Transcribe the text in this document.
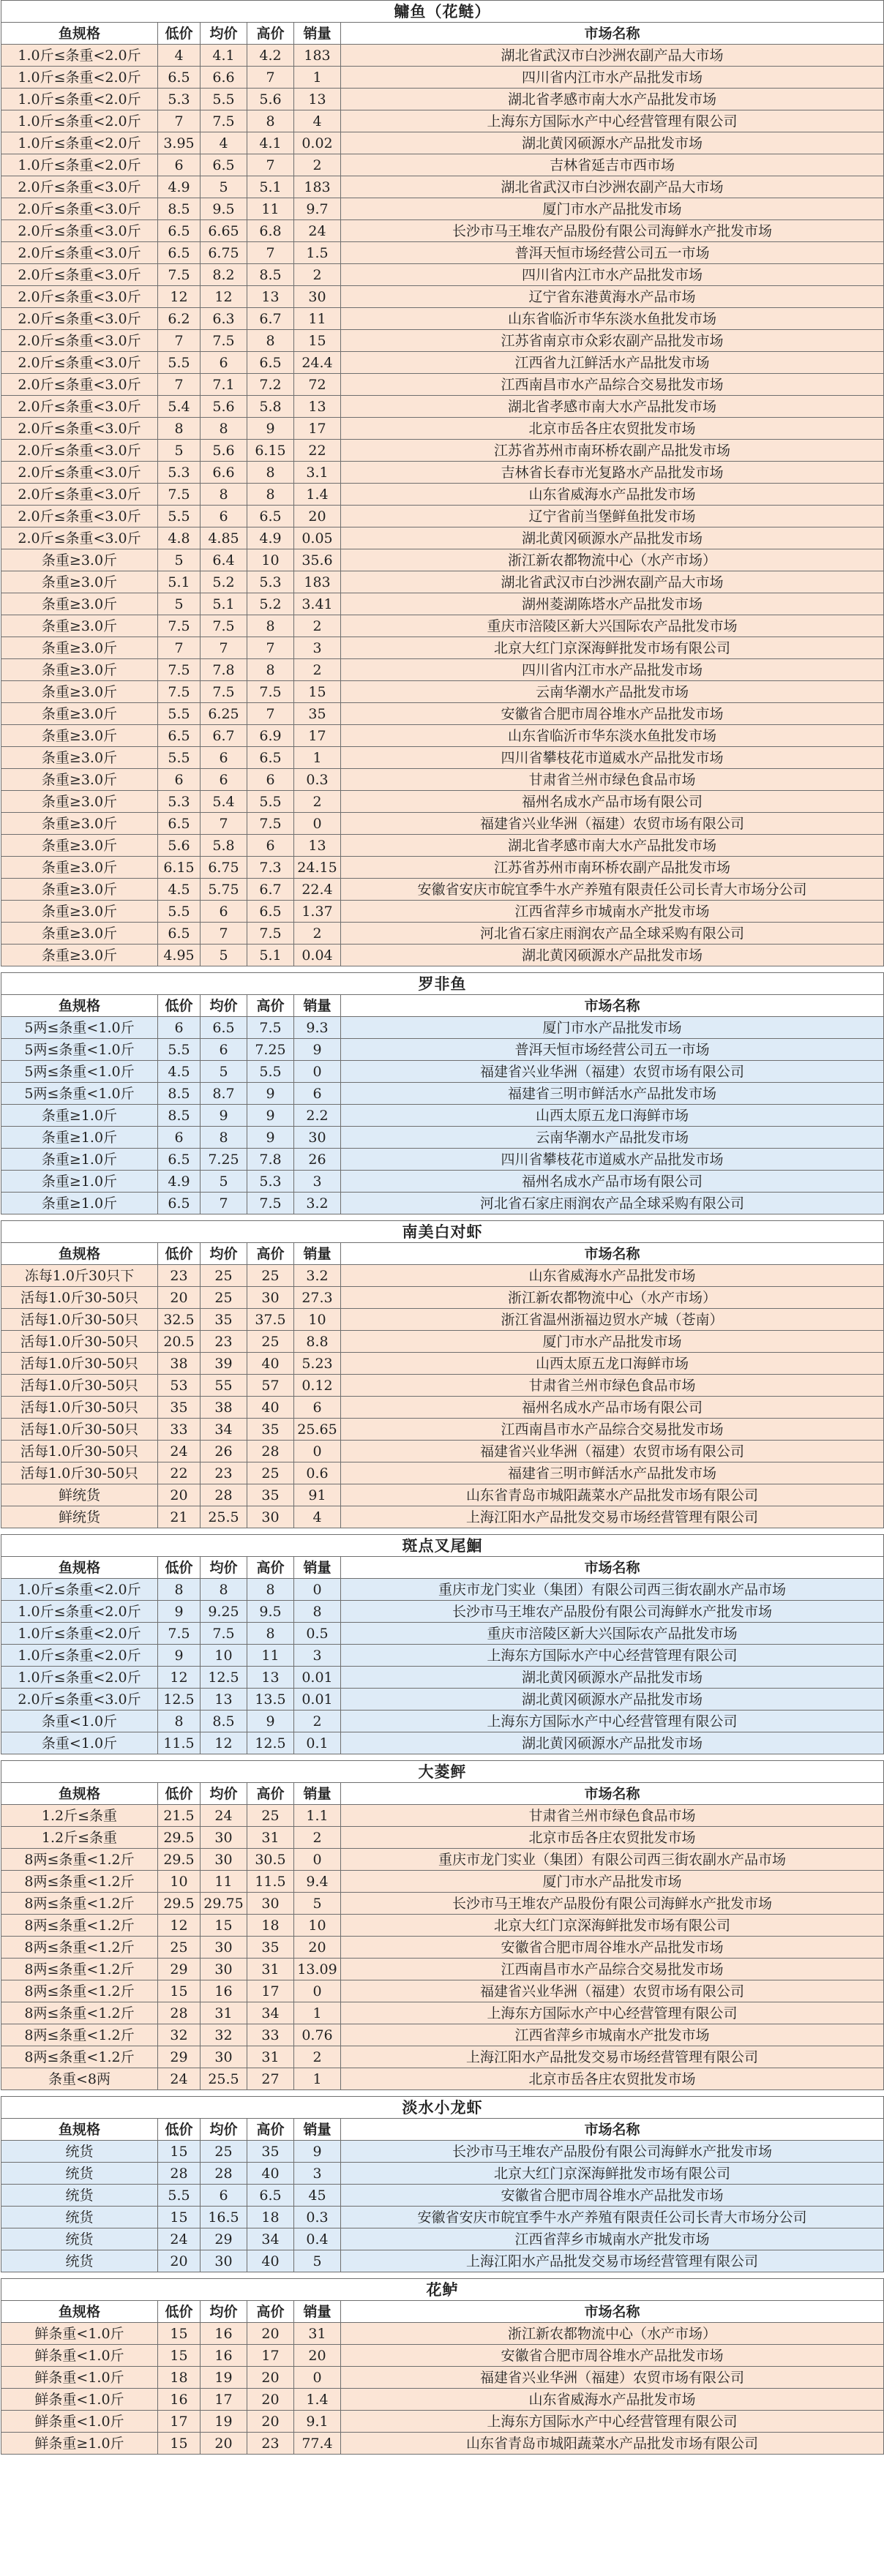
鳙鱼（花鲢）					
鱼规格	低价	均价	高价	销量	市场名称
1.0斤≤条重<2.0斤	4	4.1	4.2	183	湖北省武汉市白沙洲农副产品大市场
1.0斤≤条重<2.0斤	6.5	6.6	7	1	四川省内江市水产品批发市场
1.0斤≤条重<2.0斤	5.3	5.5	5.6	13	湖北省孝感市南大水产品批发市场
1.0斤≤条重<2.0斤	7	7.5	8	4	上海东方国际水产中心经营管理有限公司
1.0斤≤条重<2.0斤	3.95	4	4.1	0.02	湖北黄冈硕源水产品批发市场
1.0斤≤条重<2.0斤	6	6.5	7	2	吉林省延吉市西市场
2.0斤≤条重<3.0斤	4.9	5	5.1	183	湖北省武汉市白沙洲农副产品大市场
2.0斤≤条重<3.0斤	8.5	9.5	11	9.7	厦门市水产品批发市场
2.0斤≤条重<3.0斤	6.5	6.65	6.8	24	长沙市马王堆农产品股份有限公司海鲜水产批发市场
2.0斤≤条重<3.0斤	6.5	6.75	7	1.5	普洱天恒市场经营公司五一市场
2.0斤≤条重<3.0斤	7.5	8.2	8.5	2	四川省内江市水产品批发市场
2.0斤≤条重<3.0斤	12	12	13	30	辽宁省东港黄海水产品市场
2.0斤≤条重<3.0斤	6.2	6.3	6.7	11	山东省临沂市华东淡水鱼批发市场
2.0斤≤条重<3.0斤	7	7.5	8	15	江苏省南京市众彩农副产品批发市场
2.0斤≤条重<3.0斤	5.5	6	6.5	24.4	江西省九江鲜活水产品批发市场
2.0斤≤条重<3.0斤	7	7.1	7.2	72	江西南昌市水产品综合交易批发市场
2.0斤≤条重<3.0斤	5.4	5.6	5.8	13	湖北省孝感市南大水产品批发市场
2.0斤≤条重<3.0斤	8	8	9	17	北京市岳各庄农贸批发市场
2.0斤≤条重<3.0斤	5	5.6	6.15	22	江苏省苏州市南环桥农副产品批发市场
2.0斤≤条重<3.0斤	5.3	6.6	8	3.1	吉林省长春市光复路水产品批发市场
2.0斤≤条重<3.0斤	7.5	8	8	1.4	山东省威海水产品批发市场
2.0斤≤条重<3.0斤	5.5	6	6.5	20	辽宁省前当堡鲜鱼批发市场
2.0斤≤条重<3.0斤	4.8	4.85	4.9	0.05	湖北黄冈硕源水产品批发市场
条重≥3.0斤	5	6.4	10	35.6	浙江新农都物流中心（水产市场）
条重≥3.0斤	5.1	5.2	5.3	183	湖北省武汉市白沙洲农副产品大市场
条重≥3.0斤	5	5.1	5.2	3.41	湖州菱湖陈塔水产品批发市场
条重≥3.0斤	7.5	7.5	8	2	重庆市涪陵区新大兴国际农产品批发市场
条重≥3.0斤	7	7	7	3	北京大红门京深海鲜批发市场有限公司
条重≥3.0斤	7.5	7.8	8	2	四川省内江市水产品批发市场
条重≥3.0斤	7.5	7.5	7.5	15	云南华潮水产品批发市场
条重≥3.0斤	5.5	6.25	7	35	安徽省合肥市周谷堆水产品批发市场
条重≥3.0斤	6.5	6.7	6.9	17	山东省临沂市华东淡水鱼批发市场
条重≥3.0斤	5.5	6	6.5	1	四川省攀枝花市道威水产品批发市场
条重≥3.0斤	6	6	6	0.3	甘肃省兰州市绿色食品市场
条重≥3.0斤	5.3	5.4	5.5	2	福州名成水产品市场有限公司
条重≥3.0斤	6.5	7	7.5	0	福建省兴业华洲（福建）农贸市场有限公司
条重≥3.0斤	5.6	5.8	6	13	湖北省孝感市南大水产品批发市场
条重≥3.0斤	6.15	6.75	7.3	24.15	江苏省苏州市南环桥农副产品批发市场
条重≥3.0斤	4.5	5.75	6.7	22.4	安徽省安庆市皖宜季牛水产养殖有限责任公司长青大市场分公司
条重≥3.0斤	5.5	6	6.5	1.37	江西省萍乡市城南水产批发市场
条重≥3.0斤	6.5	7	7.5	2	河北省石家庄雨润农产品全球采购有限公司
条重≥3.0斤	4.95	5	5.1	0.04	湖北黄冈硕源水产品批发市场
罗非鱼					
鱼规格	低价	均价	高价	销量	市场名称
5两≤条重<1.0斤	6	6.5	7.5	9.3	厦门市水产品批发市场
5两≤条重<1.0斤	5.5	6	7.25	9	普洱天恒市场经营公司五一市场
5两≤条重<1.0斤	4.5	5	5.5	0	福建省兴业华洲（福建）农贸市场有限公司
5两≤条重<1.0斤	8.5	8.7	9	6	福建省三明市鲜活水产品批发市场
条重≥1.0斤	8.5	9	9	2.2	山西太原五龙口海鲜市场
条重≥1.0斤	6	8	9	30	云南华潮水产品批发市场
条重≥1.0斤	6.5	7.25	7.8	26	四川省攀枝花市道威水产品批发市场
条重≥1.0斤	4.9	5	5.3	3	福州名成水产品市场有限公司
条重≥1.0斤	6.5	7	7.5	3.2	河北省石家庄雨润农产品全球采购有限公司
南美白对虾					
鱼规格	低价	均价	高价	销量	市场名称
冻每1.0斤30只下	23	25	25	3.2	山东省威海水产品批发市场
活每1.0斤30-50只	20	25	30	27.3	浙江新农都物流中心（水产市场）
活每1.0斤30-50只	32.5	35	37.5	10	浙江省温州浙福边贸水产城（苍南）
活每1.0斤30-50只	20.5	23	25	8.8	厦门市水产品批发市场
活每1.0斤30-50只	38	39	40	5.23	山西太原五龙口海鲜市场
活每1.0斤30-50只	53	55	57	0.12	甘肃省兰州市绿色食品市场
活每1.0斤30-50只	35	38	40	6	福州名成水产品市场有限公司
活每1.0斤30-50只	33	34	35	25.65	江西南昌市水产品综合交易批发市场
活每1.0斤30-50只	24	26	28	0	福建省兴业华洲（福建）农贸市场有限公司
活每1.0斤30-50只	22	23	25	0.6	福建省三明市鲜活水产品批发市场
鲜统货	20	28	35	91	山东省青岛市城阳蔬菜水产品批发市场有限公司
鲜统货	21	25.5	30	4	上海江阳水产品批发交易市场经营管理有限公司
斑点叉尾鮰					
鱼规格	低价	均价	高价	销量	市场名称
1.0斤≤条重<2.0斤	8	8	8	0	重庆市龙门实业（集团）有限公司西三街农副水产品市场
1.0斤≤条重<2.0斤	9	9.25	9.5	8	长沙市马王堆农产品股份有限公司海鲜水产批发市场
1.0斤≤条重<2.0斤	7.5	7.5	8	0.5	重庆市涪陵区新大兴国际农产品批发市场
1.0斤≤条重<2.0斤	9	10	11	3	上海东方国际水产中心经营管理有限公司
1.0斤≤条重<2.0斤	12	12.5	13	0.01	湖北黄冈硕源水产品批发市场
2.0斤≤条重<3.0斤	12.5	13	13.5	0.01	湖北黄冈硕源水产品批发市场
条重<1.0斤	8	8.5	9	2	上海东方国际水产中心经营管理有限公司
条重<1.0斤	11.5	12	12.5	0.1	湖北黄冈硕源水产品批发市场
大菱鲆					
鱼规格	低价	均价	高价	销量	市场名称
1.2斤≤条重	21.5	24	25	1.1	甘肃省兰州市绿色食品市场
1.2斤≤条重	29.5	30	31	2	北京市岳各庄农贸批发市场
8两≤条重<1.2斤	29.5	30	30.5	0	重庆市龙门实业（集团）有限公司西三街农副水产品市场
8两≤条重<1.2斤	10	11	11.5	9.4	厦门市水产品批发市场
8两≤条重<1.2斤	29.5	29.75	30	5	长沙市马王堆农产品股份有限公司海鲜水产批发市场
8两≤条重<1.2斤	12	15	18	10	北京大红门京深海鲜批发市场有限公司
8两≤条重<1.2斤	25	30	35	20	安徽省合肥市周谷堆水产品批发市场
8两≤条重<1.2斤	29	30	31	13.09	江西南昌市水产品综合交易批发市场
8两≤条重<1.2斤	15	16	17	0	福建省兴业华洲（福建）农贸市场有限公司
8两≤条重<1.2斤	28	31	34	1	上海东方国际水产中心经营管理有限公司
8两≤条重<1.2斤	32	32	33	0.76	江西省萍乡市城南水产批发市场
8两≤条重<1.2斤	29	30	31	2	上海江阳水产品批发交易市场经营管理有限公司
条重<8两	24	25.5	27	1	北京市岳各庄农贸批发市场
淡水小龙虾					
鱼规格	低价	均价	高价	销量	市场名称
统货	15	25	35	9	长沙市马王堆农产品股份有限公司海鲜水产批发市场
统货	28	28	40	3	北京大红门京深海鲜批发市场有限公司
统货	5.5	6	6.5	45	安徽省合肥市周谷堆水产品批发市场
统货	15	16.5	18	0.3	安徽省安庆市皖宜季牛水产养殖有限责任公司长青大市场分公司
统货	24	29	34	0.4	江西省萍乡市城南水产批发市场
统货	20	30	40	5	上海江阳水产品批发交易市场经营管理有限公司
花鲈					
鱼规格	低价	均价	高价	销量	市场名称
鲜条重<1.0斤	15	16	20	31	浙江新农都物流中心（水产市场）
鲜条重<1.0斤	15	16	17	20	安徽省合肥市周谷堆水产品批发市场
鲜条重<1.0斤	18	19	20	0	福建省兴业华洲（福建）农贸市场有限公司
鲜条重<1.0斤	16	17	20	1.4	山东省威海水产品批发市场
鲜条重<1.0斤	17	19	20	9.1	上海东方国际水产中心经营管理有限公司
鲜条重≥1.0斤	15	20	23	77.4	山东省青岛市城阳蔬菜水产品批发市场有限公司
